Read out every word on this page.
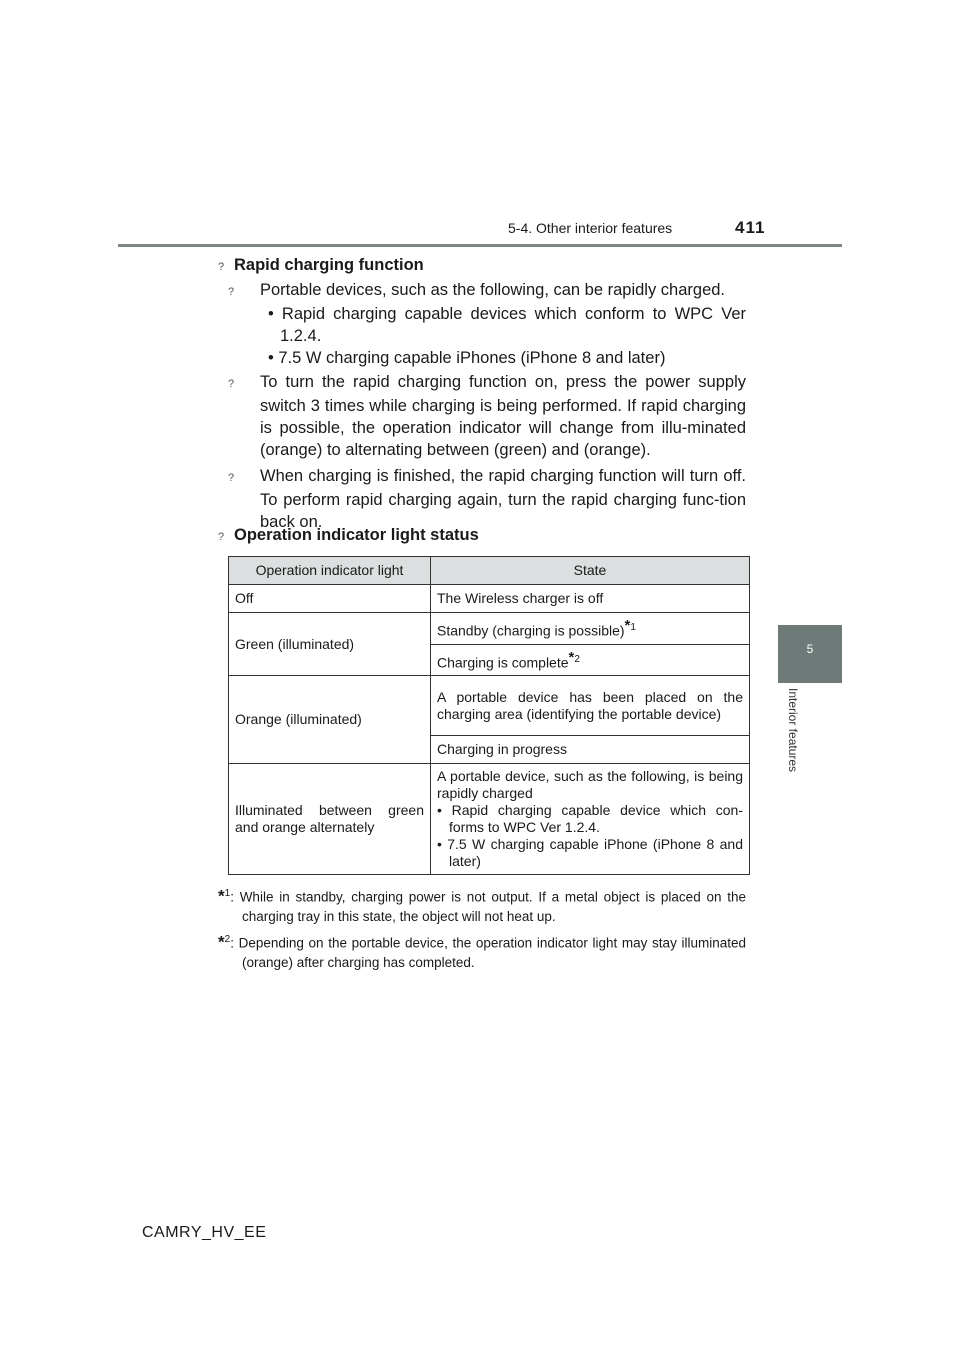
5-4. Other interior features	411
5
Interior features
? Rapid charging function

? Portable devices, such as the following, can be rapidly charged.

• Rapid charging capable devices which conform to WPC Ver 1.2.4.

• 7.5 W charging capable iPhones (iPhone 8 and later)

? To turn the rapid charging function on, press the power supply switch 3 times while charging is being performed. If rapid charging is possible, the operation indicator will change from illu-minated (orange) to alternating between (green) and (orange).

? When charging is finished, the rapid charging function will turn off. To perform rapid charging again, turn the rapid charging func-tion back on.

? Operation indicator light status
Operation indicator light	State
Off	The Wireless charger is off
Green (illuminated)	Standby (charging is possible)$^{*1}$
	Charging is complete$^{*2}$
Orange (illuminated)	A portable device has been placed on the charging area (identifying the portable device)
	Charging in progress
Illuminated between green and orange alternately	A portable device, such as the following, is being rapidly charged
• Rapid charging capable device which con-forms to WPC Ver 1.2.4.
• 7.5 W charging capable iPhone (iPhone 8 and later)

*$^1$: While in standby, charging power is not output. If a metal object is placed on the charging tray in this state, the object will not heat up.

*$^2$: Depending on the portable device, the operation indicator light may stay illuminated (orange) after charging has completed.

CAMRY_HV_EE
